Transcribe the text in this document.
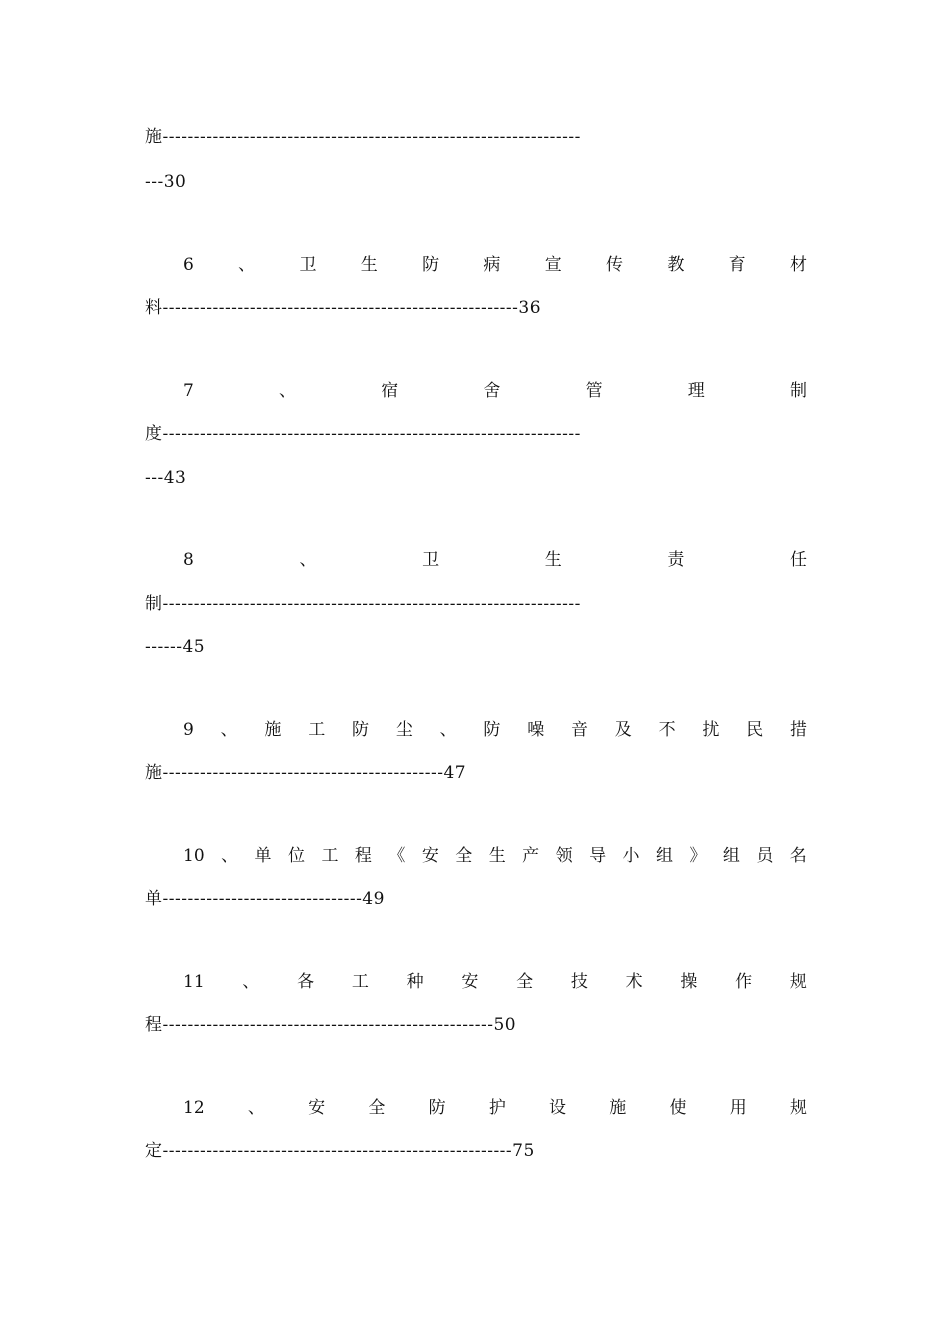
施-------------------------------------------------------------------
---30
6	、	卫	生	防	病	宣	传	教	育	材
料---------------------------------------------------------36
7	、	宿	舍	管	理	制
度-------------------------------------------------------------------
---43
8	、	卫	生	责	任
制-------------------------------------------------------------------
------45
9 、 施 工 防 尘 、 防 噪 音 及 不 扰 民 措
施---------------------------------------------47
10 、 单 位 工 程 《 安 全 生 产 领 导 小 组 》 组 员 名
单--------------------------------49
11 、 各 工 种 安 全 技 术 操 作 规
程-----------------------------------------------------50
12	、	安	全	防	护	设	施	使	用	规
定--------------------------------------------------------75
